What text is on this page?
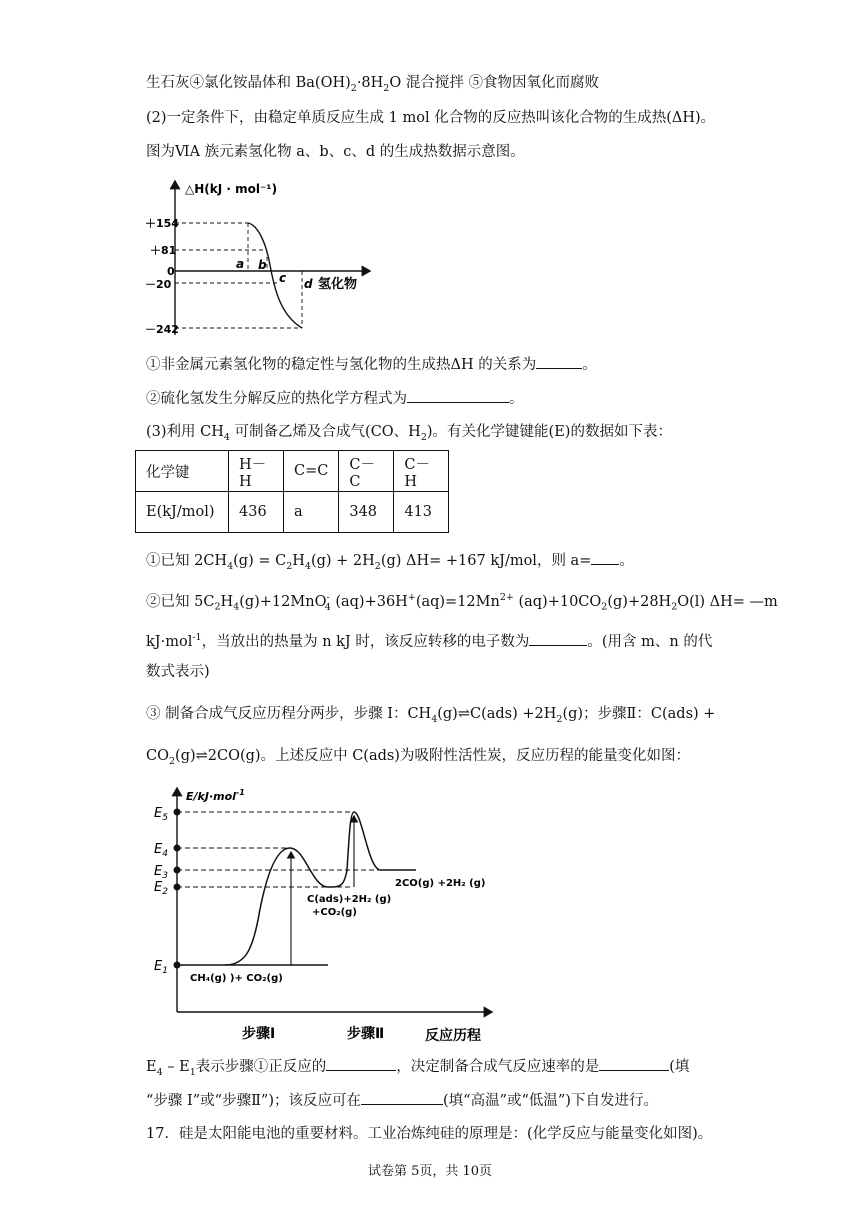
生石灰④氯化铵晶体和 $Ba(OH)_2\cdot 8H_2O$ 混合搅拌 ⑤食物因氧化而腐败
(2)一定条件下，由稳定单质反应生成 1 mol 化合物的反应热叫该化合物的生成热(ΔH)。
图为ⅥA 族元素氢化物 a、b、c、d 的生成热数据示意图。
△H(kJ · mol⁻¹)
＋154
＋81
0
－20
－242
a b
c d 氢化物
①非金属元素氢化物的稳定性与氢化物的生成热ΔH 的关系为	。
②硫化氢发生分解反应的热化学方程式为	。
(3)利用 $CH_4$ 可制备乙烯及合成气(CO、$H_2$)。有关化学键键能(E)的数据如下表：
化学键	H－H	C=C	C－C	C－H
E(kJ/mol)	436	a	348	413
①已知 $2CH_4(g) = C_2H_4(g) + 2H_2(g)$ ΔH= +167 kJ/mol，则 a= 。
②已知 $5C_2H_4(g)+12MnO^-_4$ $(aq)+36H^+(aq)=12Mn^{2+}$ $(aq)+10CO_2(g)+28H_2O(l)$ ΔH= —m
kJ·mol$^{-1}$，当放出的热量为 n kJ 时，该反应转移的电子数为	。(用含 m、n 的代
数式表示)
③ 制备合成气反应历程分两步，步骤 Ⅰ：$CH_4(g)\rightleftharpoons C(ads) +2H_2(g)$；步骤Ⅱ：C(ads) +
$CO_2(g)\rightleftharpoons 2CO(g)$。上述反应中 C(ads)为吸附性活性炭，反应历程的能量变化如图：
E/kJ·mol$^{-1}$
$E_5$
$E_4$
$E_3$
$E_2$
$E_1$
2CO(g) +2H₂ (g)
C(ads)+2H₂ (g)
+CO₂(g)
CH₄(g) )+ CO₂(g)
步骤Ⅰ	步骤Ⅱ	反应历程
$E_4 - E_1$表示步骤①正反应的	，决定制备合成气反应速率的是	(填
“步骤 Ⅰ”或“步骤Ⅱ”)；该反应可在	(填“高温”或“低温”)下自发进行。
17．硅是太阳能电池的重要材料。工业冶炼纯硅的原理是：(化学反应与能量变化如图)。
试卷第 5页，共 10页
